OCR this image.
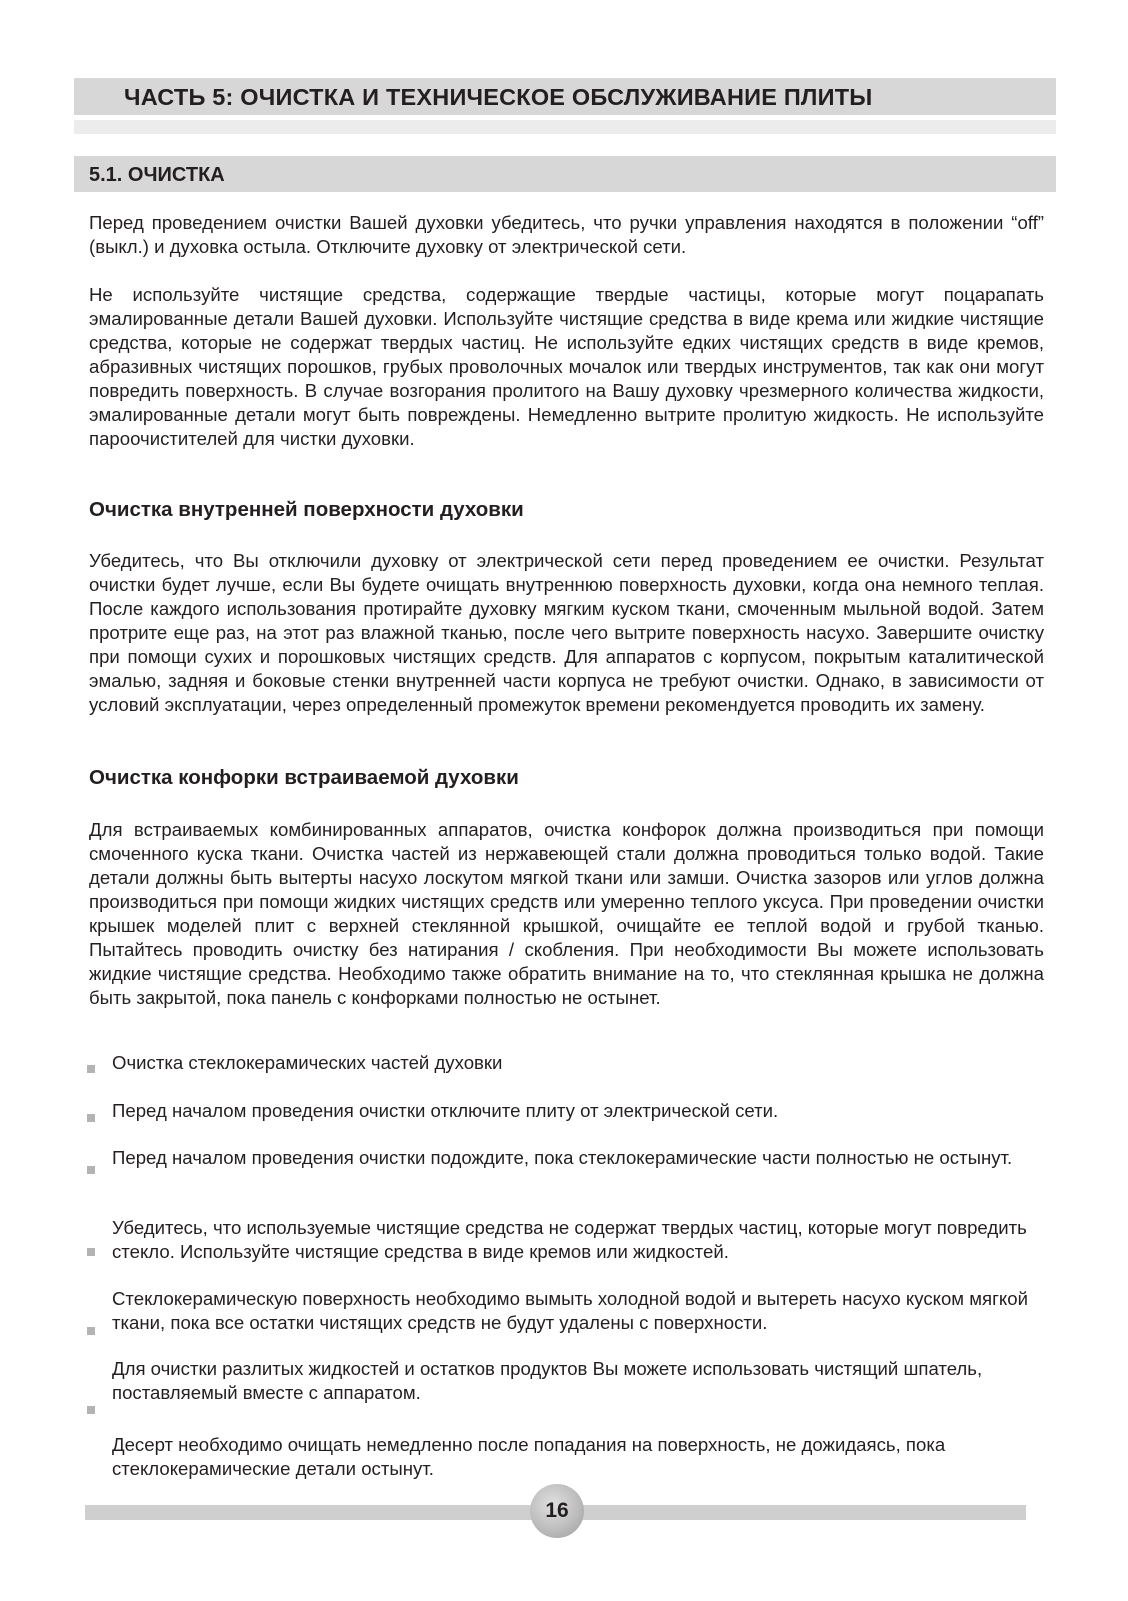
ЧАСТЬ 5: ОЧИСТКА И ТЕХНИЧЕСКОЕ ОБСЛУЖИВАНИЕ ПЛИТЫ
5.1. ОЧИСТКА

Перед проведением очистки Вашей духовки убедитесь, что ручки управления находятся в положении “off” (выкл.) и духовка остыла. Отключите духовку от электрической сети.

Не используйте чистящие средства, содержащие твердые частицы, которые могут поцарапать эмалированные детали Вашей духовки. Используйте чистящие средства в виде крема или жидкие чистящие средства, которые не содержат твердых частиц. Не используйте едких чистящих средств в виде кремов, абразивных чистящих порошков, грубых проволочных мочалок или твердых инструментов, так как они могут повредить поверхность. В случае возгорания пролитого на Вашу духовку чрезмерного количества жидкости, эмалированные детали могут быть повреждены. Немедленно вытрите пролитую жидкость. Не используйте пароочистителей для чистки духовки.

Очистка внутренней поверхности духовки

Убедитесь, что Вы отключили духовку от электрической сети перед проведением ее очистки. Результат очистки будет лучше, если Вы будете очищать внутреннюю поверхность духовки, когда она немного теплая. После каждого использования протирайте духовку мягким куском ткани, смоченным мыльной водой. Затем протрите еще раз, на этот раз влажной тканью, после чего вытрите поверхность насухо. Завершите очистку при помощи сухих и порошковых чистящих средств. Для аппаратов с корпусом, покрытым каталитической эмалью, задняя и боковые стенки внутренней части корпуса не требуют очистки. Однако, в зависимости от условий эксплуатации, через определенный промежуток времени рекомендуется проводить их замену.

Очистка конфорки встраиваемой духовки

Для встраиваемых комбинированных аппаратов, очистка конфорок должна производиться при помощи смоченного куска ткани. Очистка частей из нержавеющей стали должна проводиться только водой. Такие детали должны быть вытерты насухо лоскутом мягкой ткани или замши. Очистка зазоров или углов должна производиться при помощи жидких чистящих средств или умеренно теплого уксуса. При проведении очистки крышек моделей плит с верхней стеклянной крышкой, очищайте ее теплой водой и грубой тканью. Пытайтесь проводить очистку без натирания / скобления. При необходимости Вы можете использовать жидкие чистящие средства. Необходимо также обратить внимание на то, что стеклянная крышка не должна быть закрытой, пока панель с конфорками полностью не остынет.

Очистка стеклокерамических частей духовки

Перед началом проведения очистки отключите плиту от электрической сети.

Перед началом проведения очистки подождите, пока стеклокерамические части полностью не остынут.

Убедитесь, что используемые чистящие средства не содержат твердых частиц, которые могут повредить стекло. Используйте чистящие средства в виде кремов или жидкостей.

Стеклокерамическую поверхность необходимо вымыть холодной водой и вытереть насухо куском мягкой ткани, пока все остатки чистящих средств не будут удалены с поверхности.

Для очистки разлитых жидкостей и остатков продуктов Вы можете использовать чистящий шпатель, поставляемый вместе с аппаратом.

Десерт необходимо очищать немедленно после попадания на поверхность, не дожидаясь, пока стеклокерамические детали остынут.

16
